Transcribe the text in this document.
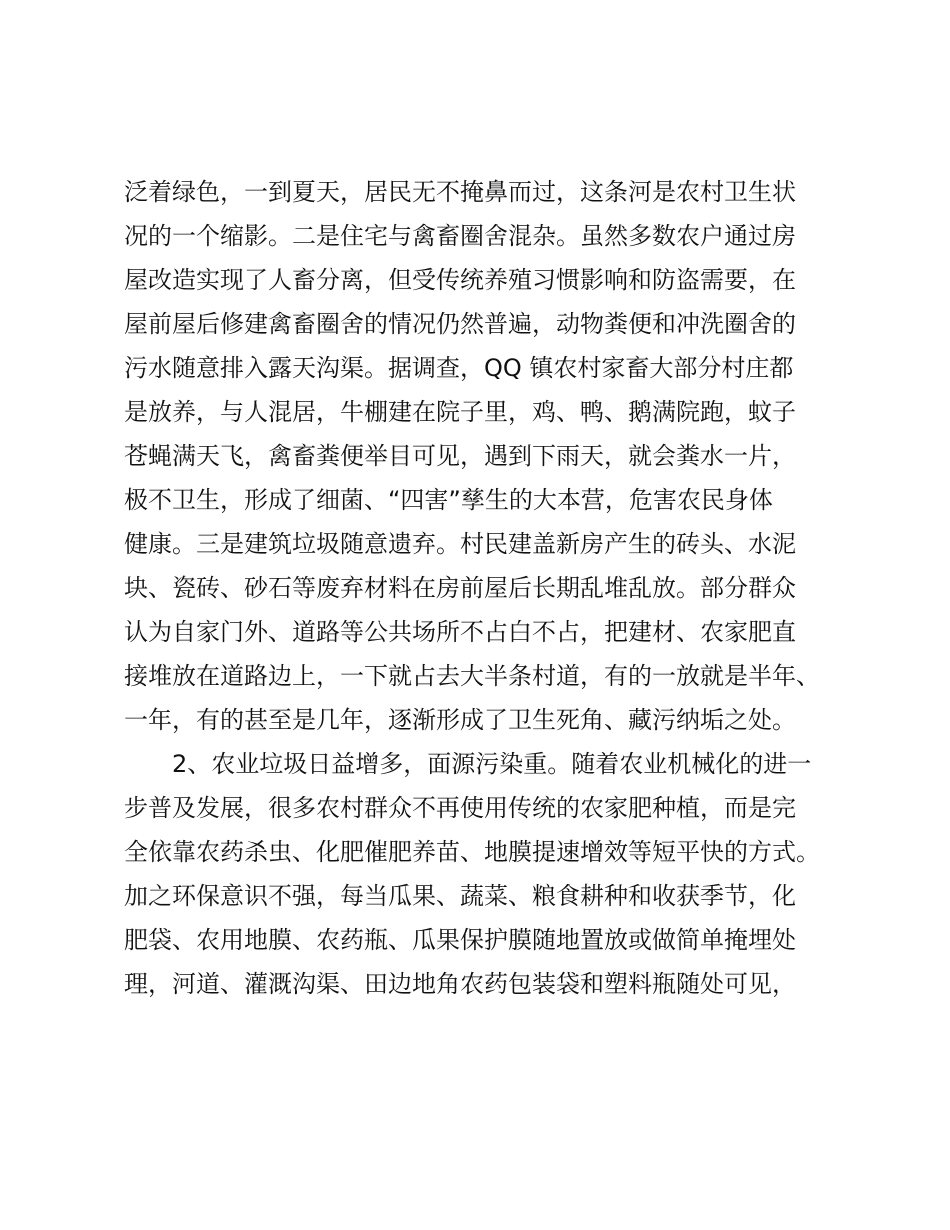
泛着绿色，一到夏天，居民无不掩鼻而过，这条河是农村卫生状
况的一个缩影。二是住宅与禽畜圈舍混杂。虽然多数农户通过房
屋改造实现了人畜分离，但受传统养殖习惯影响和防盗需要，在
屋前屋后修建禽畜圈舍的情况仍然普遍，动物粪便和冲洗圈舍的
污水随意排入露天沟渠。据调查，QQ 镇农村家畜大部分村庄都
是放养，与人混居，牛棚建在院子里，鸡、鸭、鹅满院跑，蚊子
苍蝇满天飞，禽畜粪便举目可见，遇到下雨天，就会粪水一片，
极不卫生，形成了细菌、“四害”孳生的大本营，危害农民身体
健康。三是建筑垃圾随意遗弃。村民建盖新房产生的砖头、水泥
块、瓷砖、砂石等废弃材料在房前屋后长期乱堆乱放。部分群众
认为自家门外、道路等公共场所不占白不占，把建材、农家肥直
接堆放在道路边上，一下就占去大半条村道，有的一放就是半年、
一年，有的甚至是几年，逐渐形成了卫生死角、藏污纳垢之处。
　　2、农业垃圾日益增多，面源污染重。随着农业机械化的进一
步普及发展，很多农村群众不再使用传统的农家肥种植，而是完
全依靠农药杀虫、化肥催肥养苗、地膜提速增效等短平快的方式。
加之环保意识不强，每当瓜果、蔬菜、粮食耕种和收获季节，化
肥袋、农用地膜、农药瓶、瓜果保护膜随地置放或做简单掩埋处
理，河道、灌溉沟渠、田边地角农药包装袋和塑料瓶随处可见，
